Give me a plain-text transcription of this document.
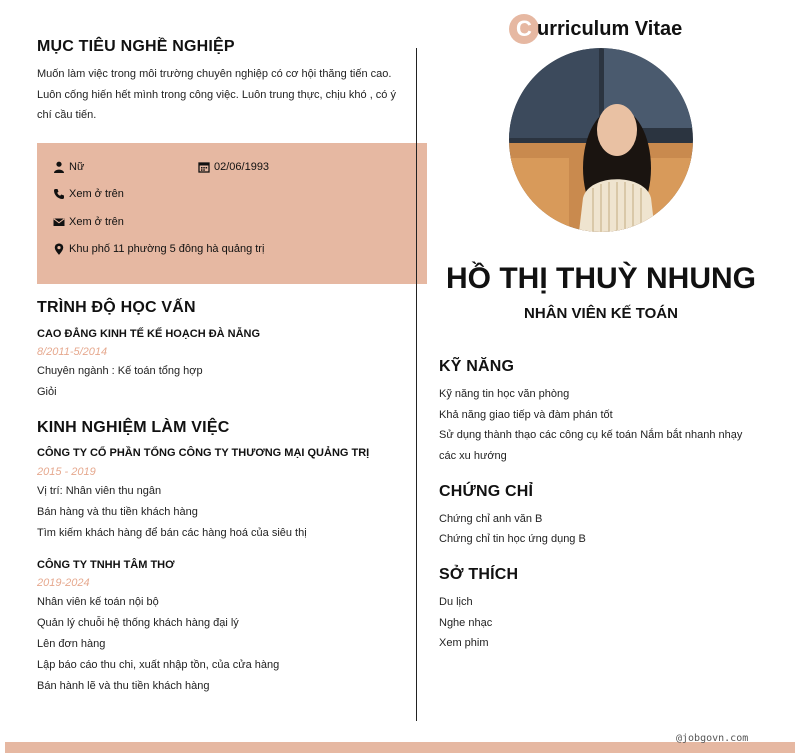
MỤC TIÊU NGHỀ NGHIỆP
Muốn làm việc trong môi trường chuyên nghiệp có cơ hội thăng tiến cao.
Luôn cống hiến hết mình trong công việc. Luôn trung thực, chịu khó , có ý
chí cầu tiến.
Nữ	02/06/1993
Xem ở trên
Xem ở trên
Khu phố 11 phường 5 đông hà quảng trị
TRÌNH ĐỘ HỌC VẤN
CAO ĐẲNG KINH TẾ KẾ HOẠCH ĐÀ NẴNG
8/2011-5/2014
Chuyên ngành : Kế toán tổng hợp
Giỏi
KINH NGHIỆM LÀM VIỆC
CÔNG TY CỔ PHẦN TỔNG CÔNG TY THƯƠNG MẠI QUẢNG TRỊ
2015 - 2019
Vị trí: Nhân viên thu ngân
Bán hàng và thu tiền khách hàng
Tìm kiếm khách hàng để bán các hàng hoá của siêu thị
CÔNG TY TNHH TÂM THƠ
2019-2024
Nhân viên kế toán nội bộ
Quản lý chuỗi hệ thống khách hàng đại lý
Lên đơn hàng
Lập báo cáo thu chi, xuất nhập tồn, của cửa hàng
Bán hành lẽ và thu tiền khách hàng
C urriculum Vitae
HỒ THỊ THUỲ NHUNG
NHÂN VIÊN KẾ TOÁN
KỸ NĂNG
Kỹ năng tin học văn phòng
Khả năng giao tiếp và đàm phán tốt
Sử dụng thành thạo các công cụ kế toán Nắm bắt nhanh nhạy
các xu hướng
CHỨNG CHỈ
Chứng chỉ anh văn B
Chứng chỉ tin học ứng dụng B
SỞ THÍCH
Du lịch
Nghe nhạc
Xem phim
@jobgovn.com
